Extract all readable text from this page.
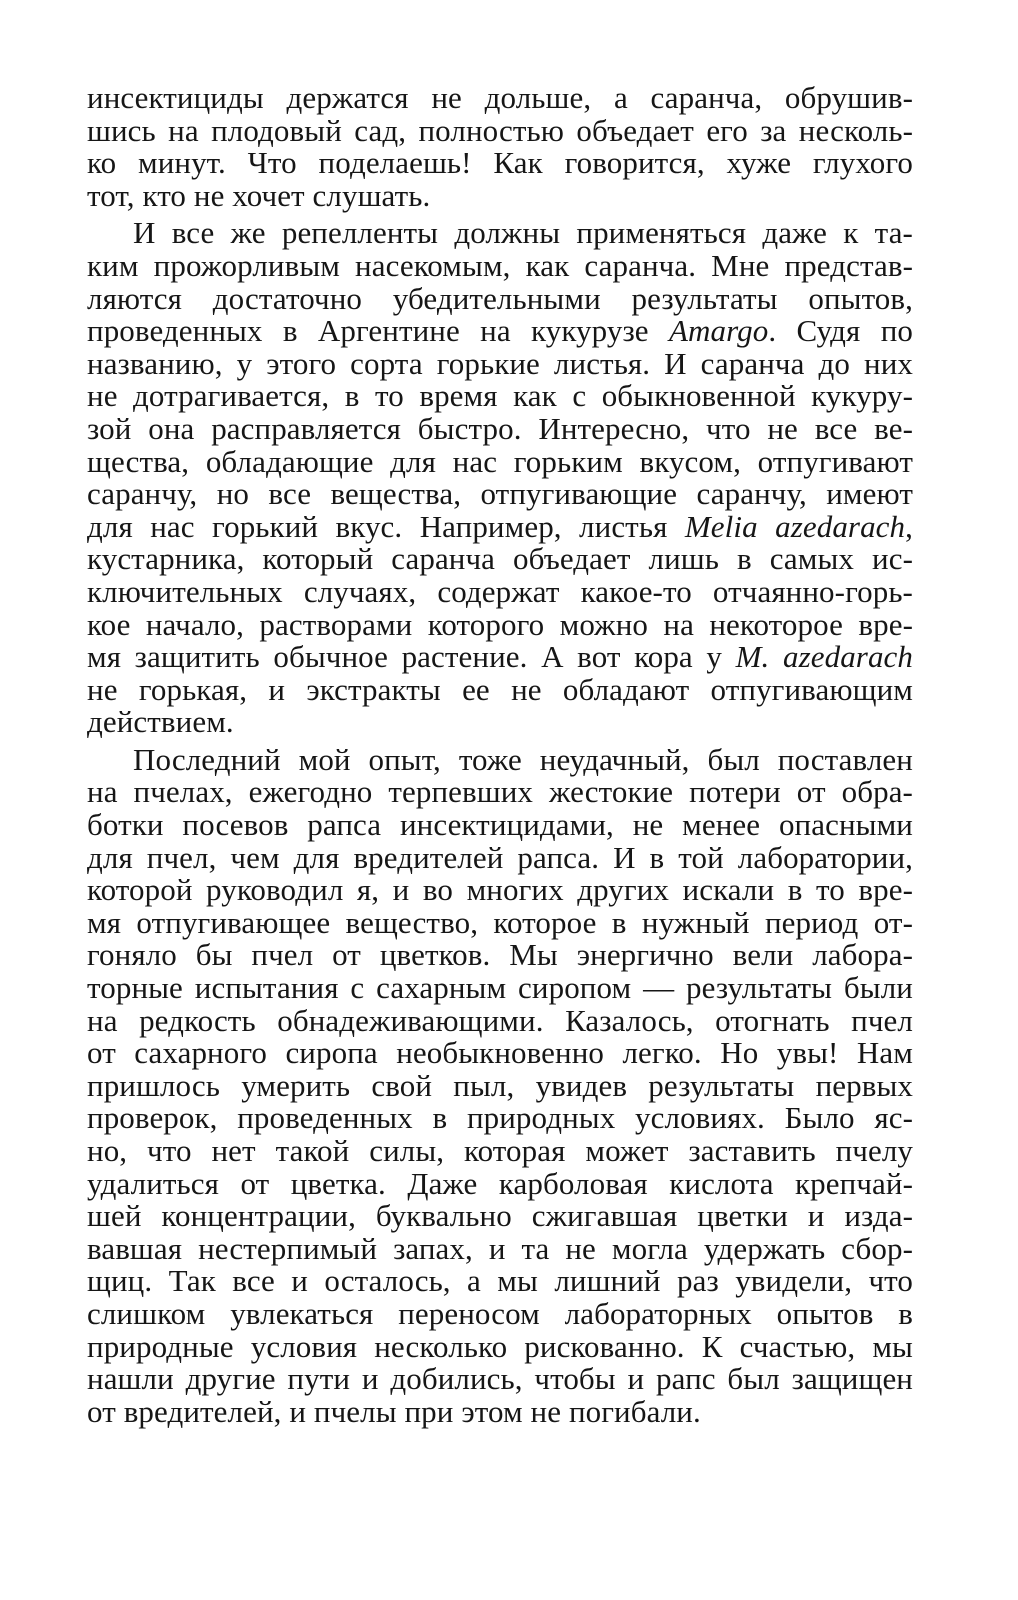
инсектициды держатся не дольше, а саранча, обрушив-
шись на плодовый сад, полностью объедает его за несколь-
ко минут. Что поделаешь! Как говорится, хуже глухого
тот, кто не хочет слушать.
И все же репелленты должны применяться даже к та-
ким прожорливым насекомым, как саранча. Мне представ-
ляются достаточно убедительными результаты опытов,
проведенных в Аргентине на кукурузе Amargo. Судя по
названию, у этого сорта горькие листья. И саранча до них
не дотрагивается, в то время как с обыкновенной кукуру-
зой она расправляется быстро. Интересно, что не все ве-
щества, обладающие для нас горьким вкусом, отпугивают
саранчу, но все вещества, отпугивающие саранчу, имеют
для нас горький вкус. Например, листья Melia azedarach,
кустарника, который саранча объедает лишь в самых ис-
ключительных случаях, содержат какое-то отчаянно-горь-
кое начало, растворами которого можно на некоторое вре-
мя защитить обычное растение. А вот кора у M. azedarach
не горькая, и экстракты ее не обладают отпугивающим
действием.
Последний мой опыт, тоже неудачный, был поставлен
на пчелах, ежегодно терпевших жестокие потери от обра-
ботки посевов рапса инсектицидами, не менее опасными
для пчел, чем для вредителей рапса. И в той лаборатории,
которой руководил я, и во многих других искали в то вре-
мя отпугивающее вещество, которое в нужный период от-
гоняло бы пчел от цветков. Мы энергично вели лабора-
торные испытания с сахарным сиропом — результаты были
на редкость обнадеживающими. Казалось, отогнать пчел
от сахарного сиропа необыкновенно легко. Но увы! Нам
пришлось умерить свой пыл, увидев результаты первых
проверок, проведенных в природных условиях. Было яс-
но, что нет такой силы, которая может заставить пчелу
удалиться от цветка. Даже карболовая кислота крепчай-
шей концентрации, буквально сжигавшая цветки и изда-
вавшая нестерпимый запах, и та не могла удержать сбор-
щиц. Так все и осталось, а мы лишний раз увидели, что
слишком увлекаться переносом лабораторных опытов в
природные условия несколько рискованно. К счастью, мы
нашли другие пути и добились, чтобы и рапс был защищен
от вредителей, и пчелы при этом не погибали.
